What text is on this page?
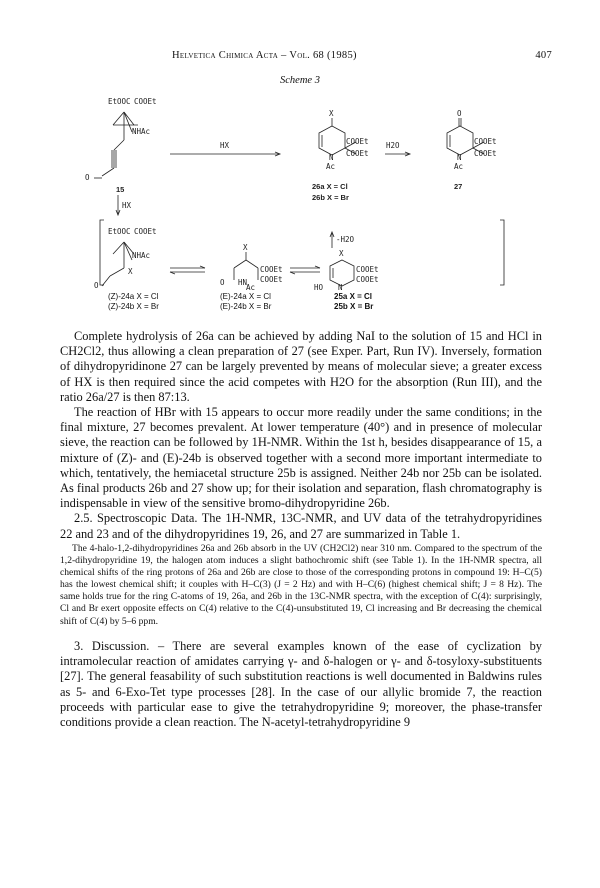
Helvetica Chimica Acta – Vol. 68 (1985)	407
Scheme 3
EtOOC COOEt
NHAc
O
15
HX
HX
X
COOEt
COOEt
N
Ac
26a X = Cl
26b X = Br
H2O
O
COOEt
COOEt
N
Ac
27
-H2O
EtOOC COOEt
NHAc
X
O
X
COOEt
COOEt
HN
O
Ac
X
COOEt
COOEt
N
HO
(Z)-24a X = Cl
(Z)-24b X = Br
(E)-24a X = Cl
(E)-24b X = Br
25a X = Cl
25b X = Br

Complete hydrolysis of 26a can be achieved by adding NaI to the solution of 15 and HCl in CH2Cl2, thus allowing a clean preparation of 27 (see Exper. Part, Run IV). Inversely, formation of dihydropyridinone 27 can be largely prevented by means of molecular sieve; a greater excess of HX is then required since the acid competes with H2O for the absorption (Run III), and the ratio 26a/27 is then 87:13.

The reaction of HBr with 15 appears to occur more readily under the same conditions; in the final mixture, 27 becomes prevalent. At lower temperature (40°) and in presence of molecular sieve, the reaction can be followed by 1H-NMR. Within the 1st h, besides disappearance of 15, a mixture of (Z)- and (E)-24b is observed together with a second more important intermediate to which, tentatively, the hemiacetal structure 25b is assigned. Neither 24b nor 25b can be isolated. As final products 26b and 27 show up; for their isolation and separation, flash chromatography is indispensable in view of the sensitive bromo-dihydropyridine 26b.

2.5. Spectroscopic Data. The 1H-NMR, 13C-NMR, and UV data of the tetrahydropyridines 22 and 23 and of the dihydropyridines 19, 26, and 27 are summarized in Table 1.

The 4-halo-1,2-dihydropyridines 26a and 26b absorb in the UV (CH2Cl2) near 310 nm. Compared to the spectrum of the 1,2-dihydropyridine 19, the halogen atom induces a slight bathochromic shift (see Table 1). In the 1H-NMR spectra, all chemical shifts of the ring protons of 26a and 26b are close to those of the corresponding protons in compound 19: H–C(5) has the lowest chemical shift; it couples with H–C(3) (J = 2 Hz) and with H–C(6) (highest chemical shift; J = 8 Hz). The same holds true for the ring C-atoms of 19, 26a, and 26b in the 13C-NMR spectra, with the exception of C(4): surprisingly, Cl and Br exert opposite effects on C(4) relative to the C(4)-unsubstituted 19, Cl increasing and Br decreasing the chemical shift of C(4) by 5–6 ppm.

3. Discussion. – There are several examples known of the ease of cyclization by intramolecular reaction of amidates carrying γ- and δ-halogen or γ- and δ-tosyloxy-substituents [27]. The general feasability of such substitution reactions is well documented in Baldwins rules as 5- and 6-Exo-Tet type processes [28]. In the case of our allylic bromide 7, the reaction proceeds with particular ease to give the tetrahydropyridine 9; moreover, the phase-transfer conditions provide a clean reaction. The N-acetyl-tetrahydropyridine 9
